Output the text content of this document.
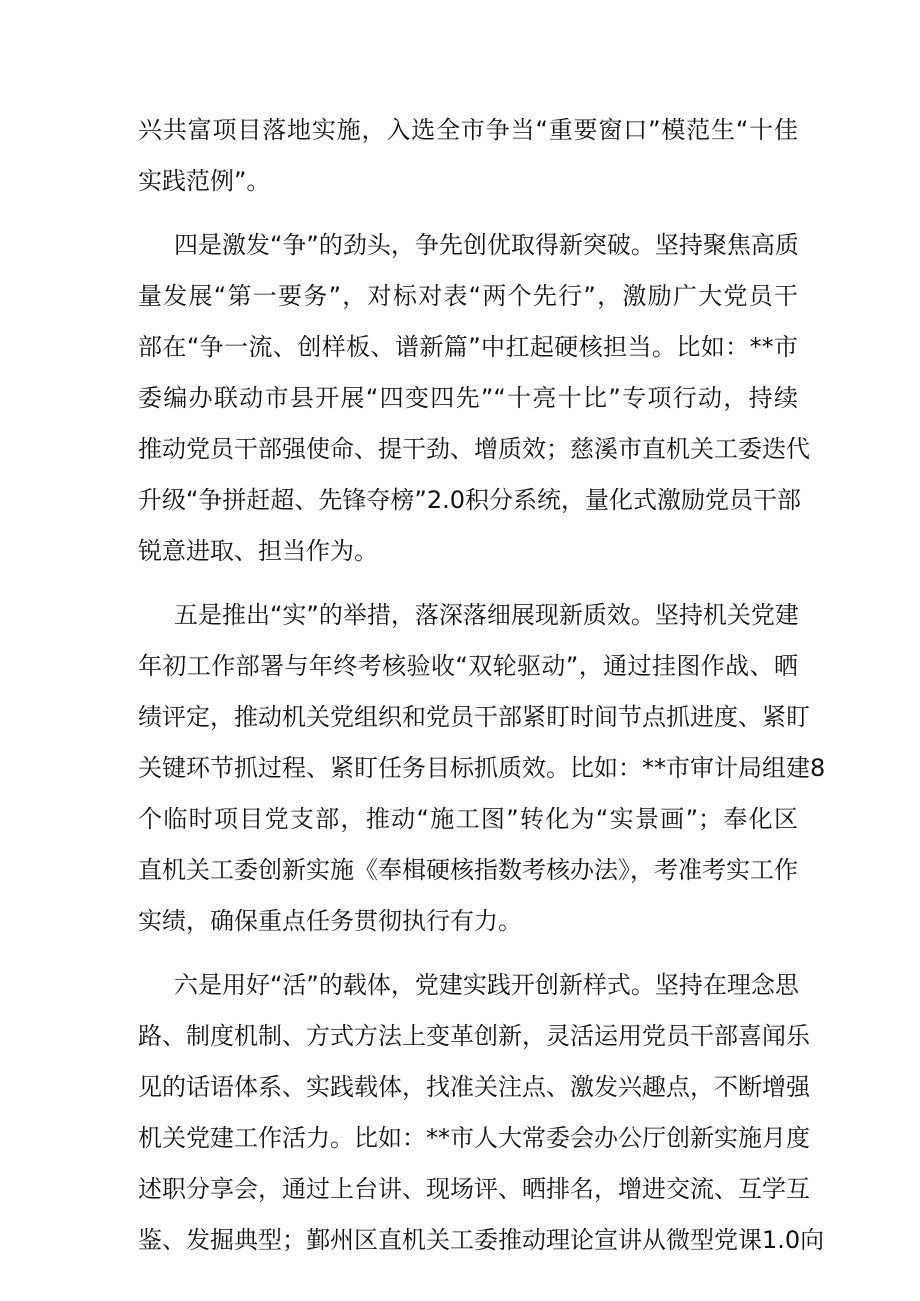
兴共富项目落地实施，入选全市争当“重要窗口”模范生“十佳
实践范例”。
四是激发“争”的劲头，争先创优取得新突破。坚持聚焦高质
量发展“第一要务”，对标对表“两个先行”，激励广大党员干
部在“争一流、创样板、谱新篇”中扛起硬核担当。比如：**市
委编办联动市县开展“四变四先”“十亮十比”专项行动，持续
推动党员干部强使命、提干劲、增质效；慈溪市直机关工委迭代
升级“争拼赶超、先锋夺榜”2.0积分系统，量化式激励党员干部
锐意进取、担当作为。
五是推出“实”的举措，落深落细展现新质效。坚持机关党建
年初工作部署与年终考核验收“双轮驱动”，通过挂图作战、晒
绩评定，推动机关党组织和党员干部紧盯时间节点抓进度、紧盯
关键环节抓过程、紧盯任务目标抓质效。比如：**市审计局组建8
个临时项目党支部，推动“施工图”转化为“实景画”；奉化区
直机关工委创新实施《奉楫硬核指数考核办法》，考准考实工作
实绩，确保重点任务贯彻执行有力。
六是用好“活”的载体，党建实践开创新样式。坚持在理念思
路、制度机制、方式方法上变革创新，灵活运用党员干部喜闻乐
见的话语体系、实践载体，找准关注点、激发兴趣点，不断增强
机关党建工作活力。比如：**市人大常委会办公厅创新实施月度
述职分享会，通过上台讲、现场评、晒排名，增进交流、互学互
鉴、发掘典型；鄞州区直机关工委推动理论宣讲从微型党课1.0向
